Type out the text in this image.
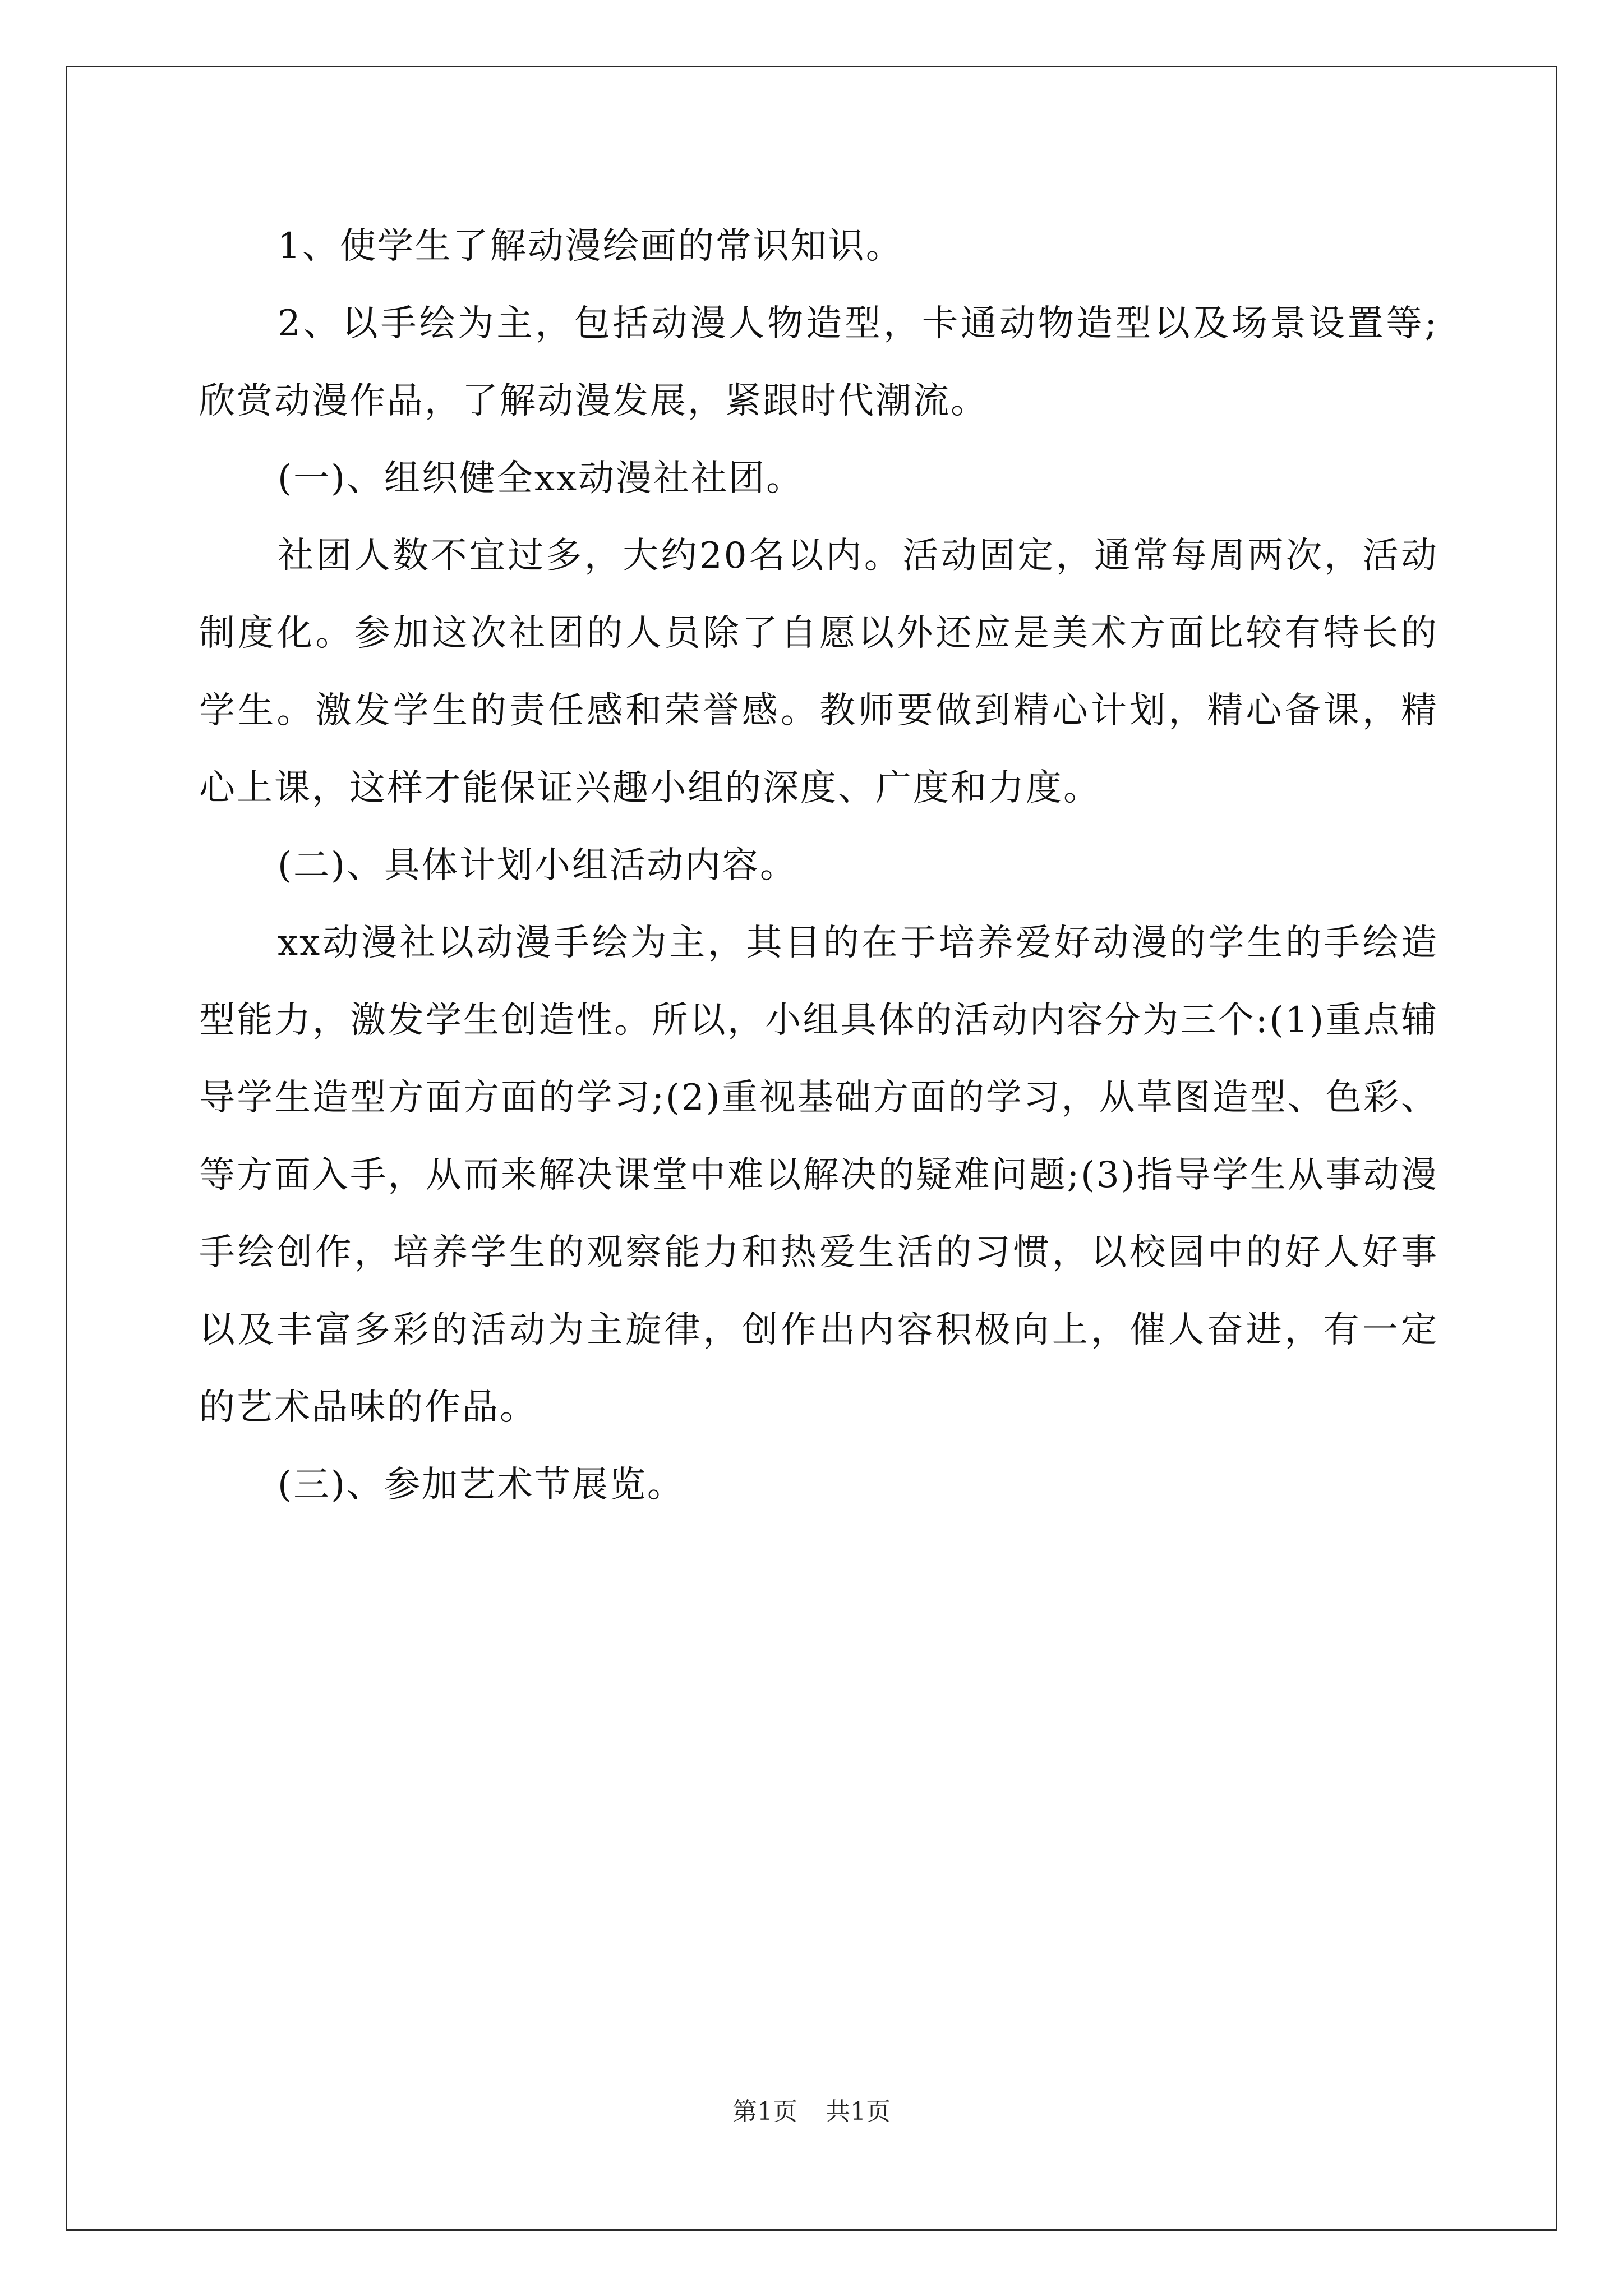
1、使学生了解动漫绘画的常识知识。

2、以手绘为主，包括动漫人物造型，卡通动物造型以及场景设置等;欣赏动漫作品，了解动漫发展，紧跟时代潮流。

(一)、组织健全xx动漫社社团。

社团人数不宜过多，大约20名以内。活动固定，通常每周两次，活动制度化。参加这次社团的人员除了自愿以外还应是美术方面比较有特长的学生。激发学生的责任感和荣誉感。教师要做到精心计划，精心备课，精心上课，这样才能保证兴趣小组的深度、广度和力度。

(二)、具体计划小组活动内容。

xx动漫社以动漫手绘为主，其目的在于培养爱好动漫的学生的手绘造型能力，激发学生创造性。所以，小组具体的活动内容分为三个:(1)重点辅导学生造型方面方面的学习;(2)重视基础方面的学习，从草图造型、色彩、等方面入手，从而来解决课堂中难以解决的疑难问题;(3)指导学生从事动漫手绘创作，培养学生的观察能力和热爱生活的习惯，以校园中的好人好事以及丰富多彩的活动为主旋律，创作出内容积极向上，催人奋进，有一定的艺术品味的作品。

(三)、参加艺术节展览。

第1页 共1页
